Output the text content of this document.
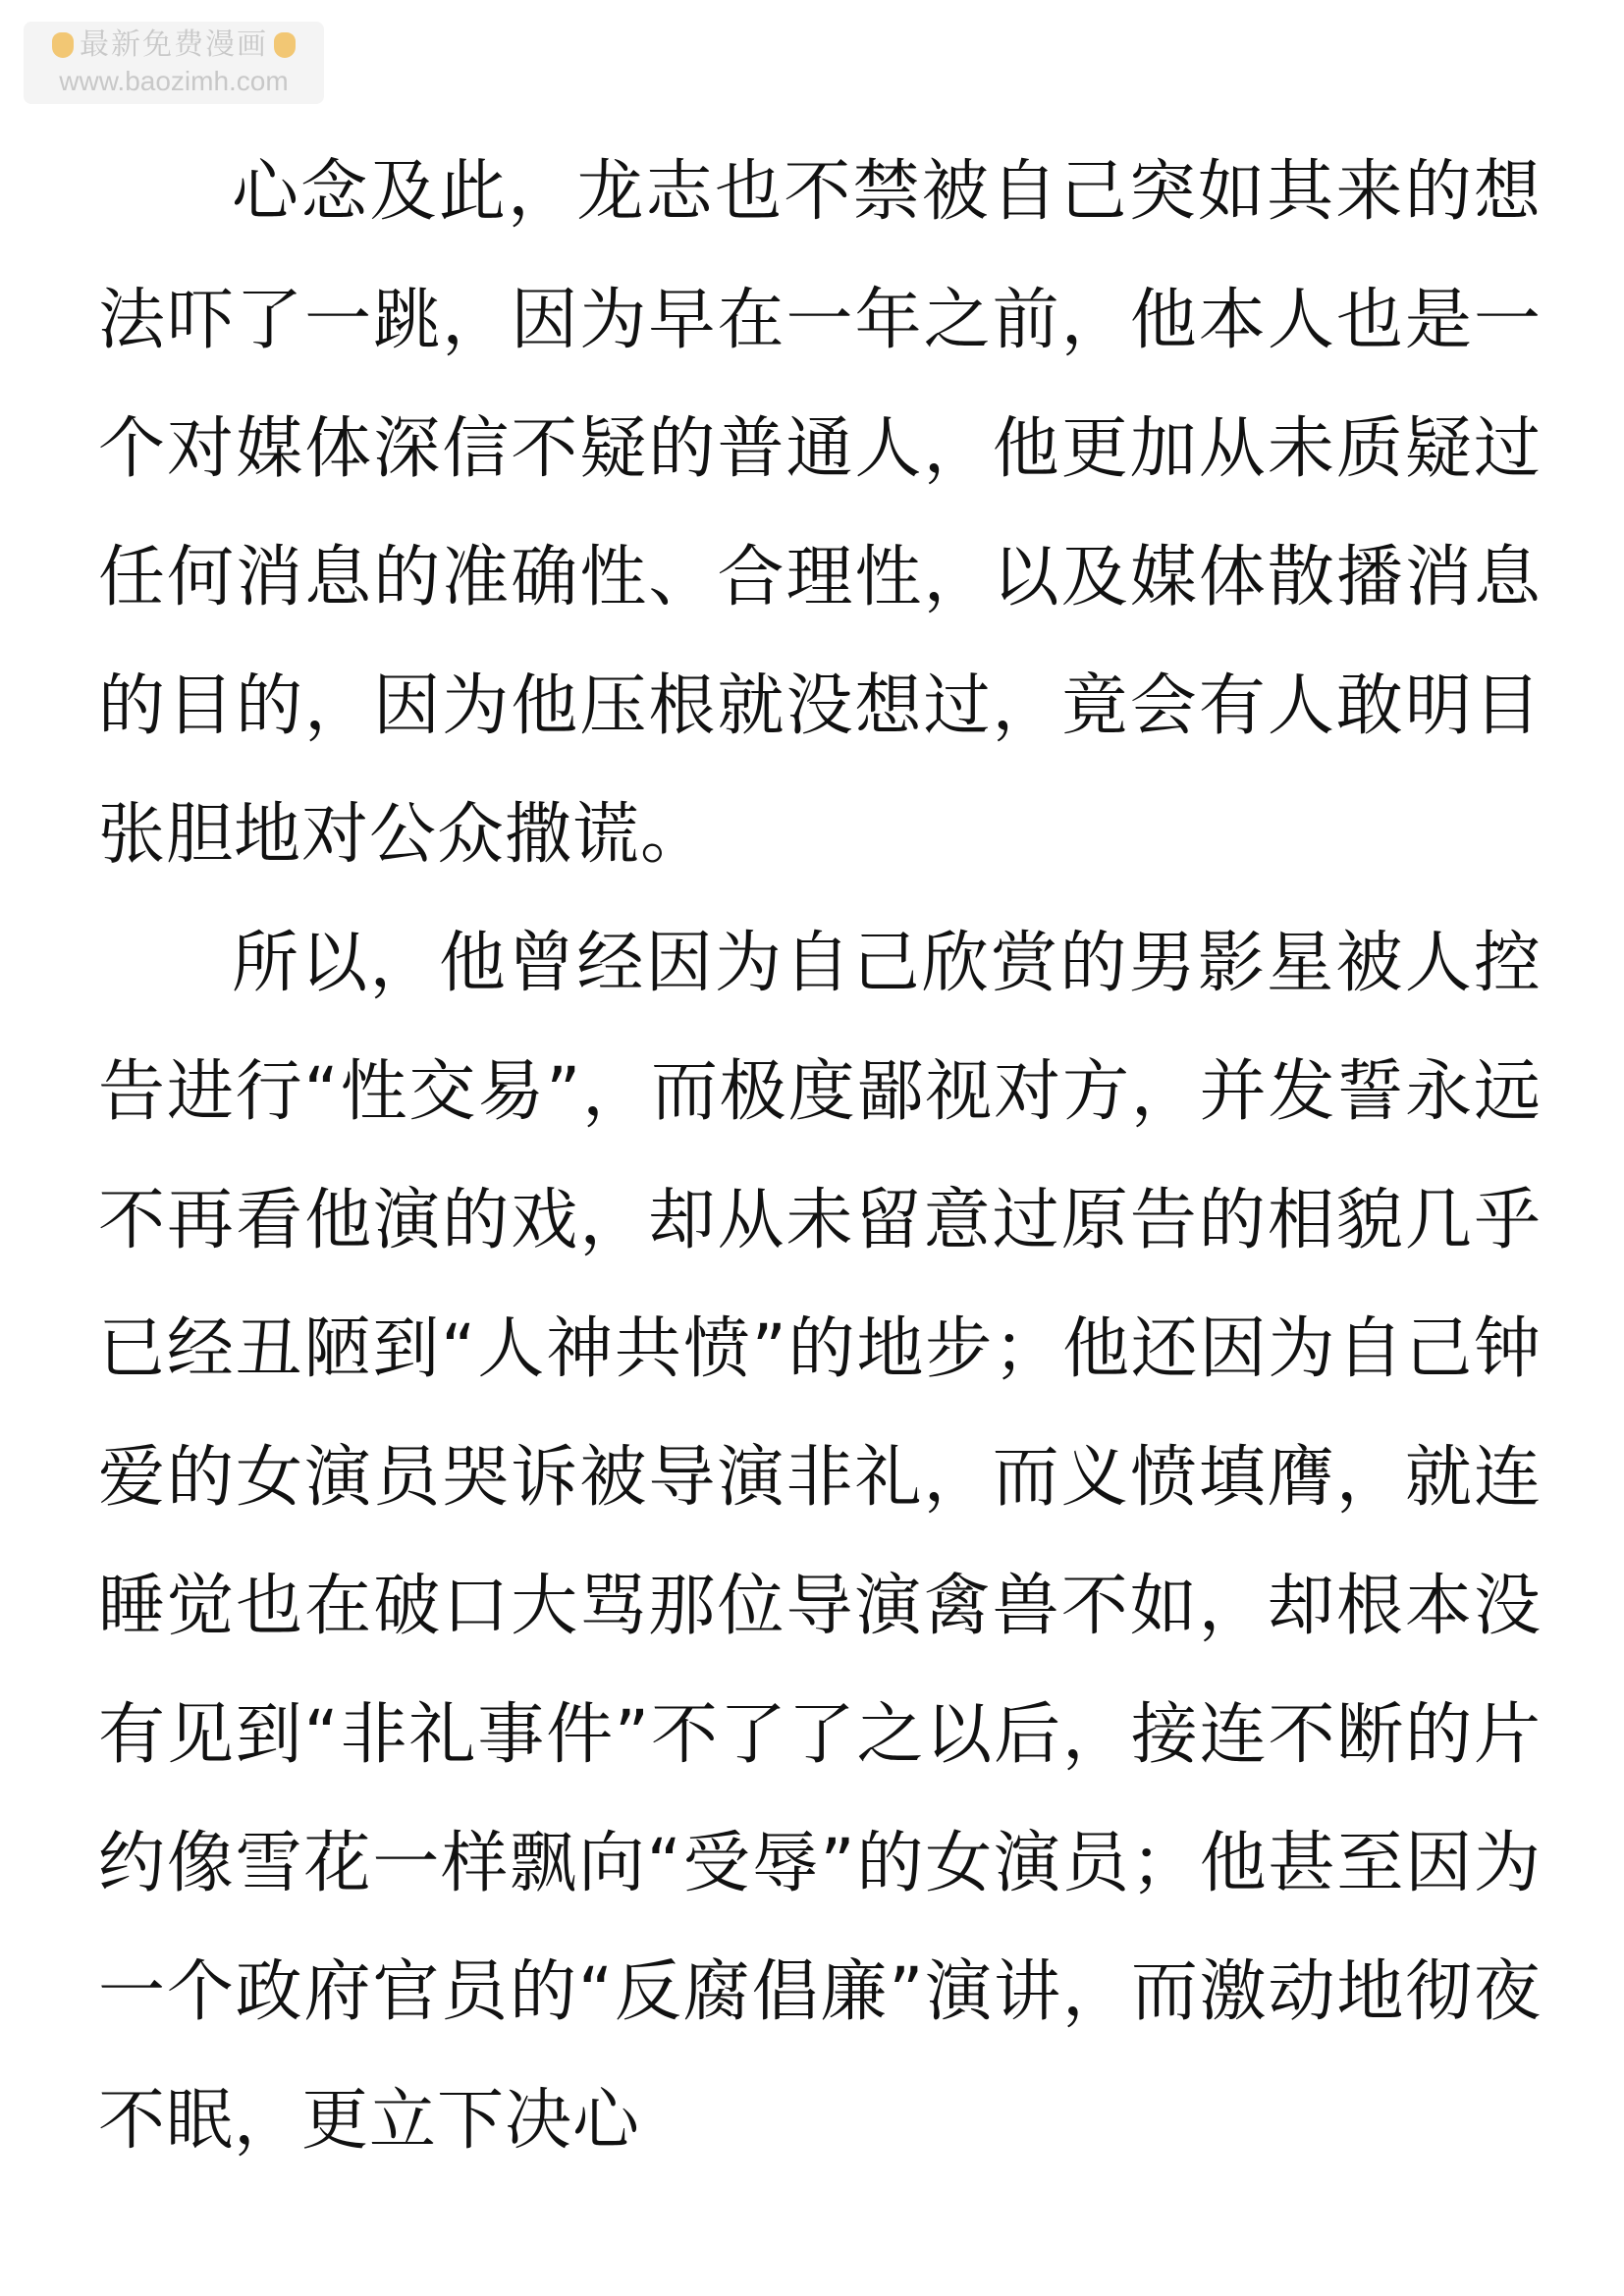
最新免费漫画
www.baozimh.com

心念及此，龙志也不禁被自己突如其来的想法吓了一跳，因为早在一年之前，他本人也是一个对媒体深信不疑的普通人，他更加从未质疑过任何消息的准确性、合理性，以及媒体散播消息的目的，因为他压根就没想过，竟会有人敢明目张胆地对公众撒谎。

所以，他曾经因为自己欣赏的男影星被人控告进行“性交易”，而极度鄙视对方，并发誓永远不再看他演的戏，却从未留意过原告的相貌几乎已经丑陋到“人神共愤”的地步；他还因为自己钟爱的女演员哭诉被导演非礼，而义愤填膺，就连睡觉也在破口大骂那位导演禽兽不如，却根本没有见到“非礼事件”不了了之以后，接连不断的片约像雪花一样飘向“受辱”的女演员；他甚至因为一个政府官员的“反腐倡廉”演讲，而激动地彻夜不眠，更立下决心
